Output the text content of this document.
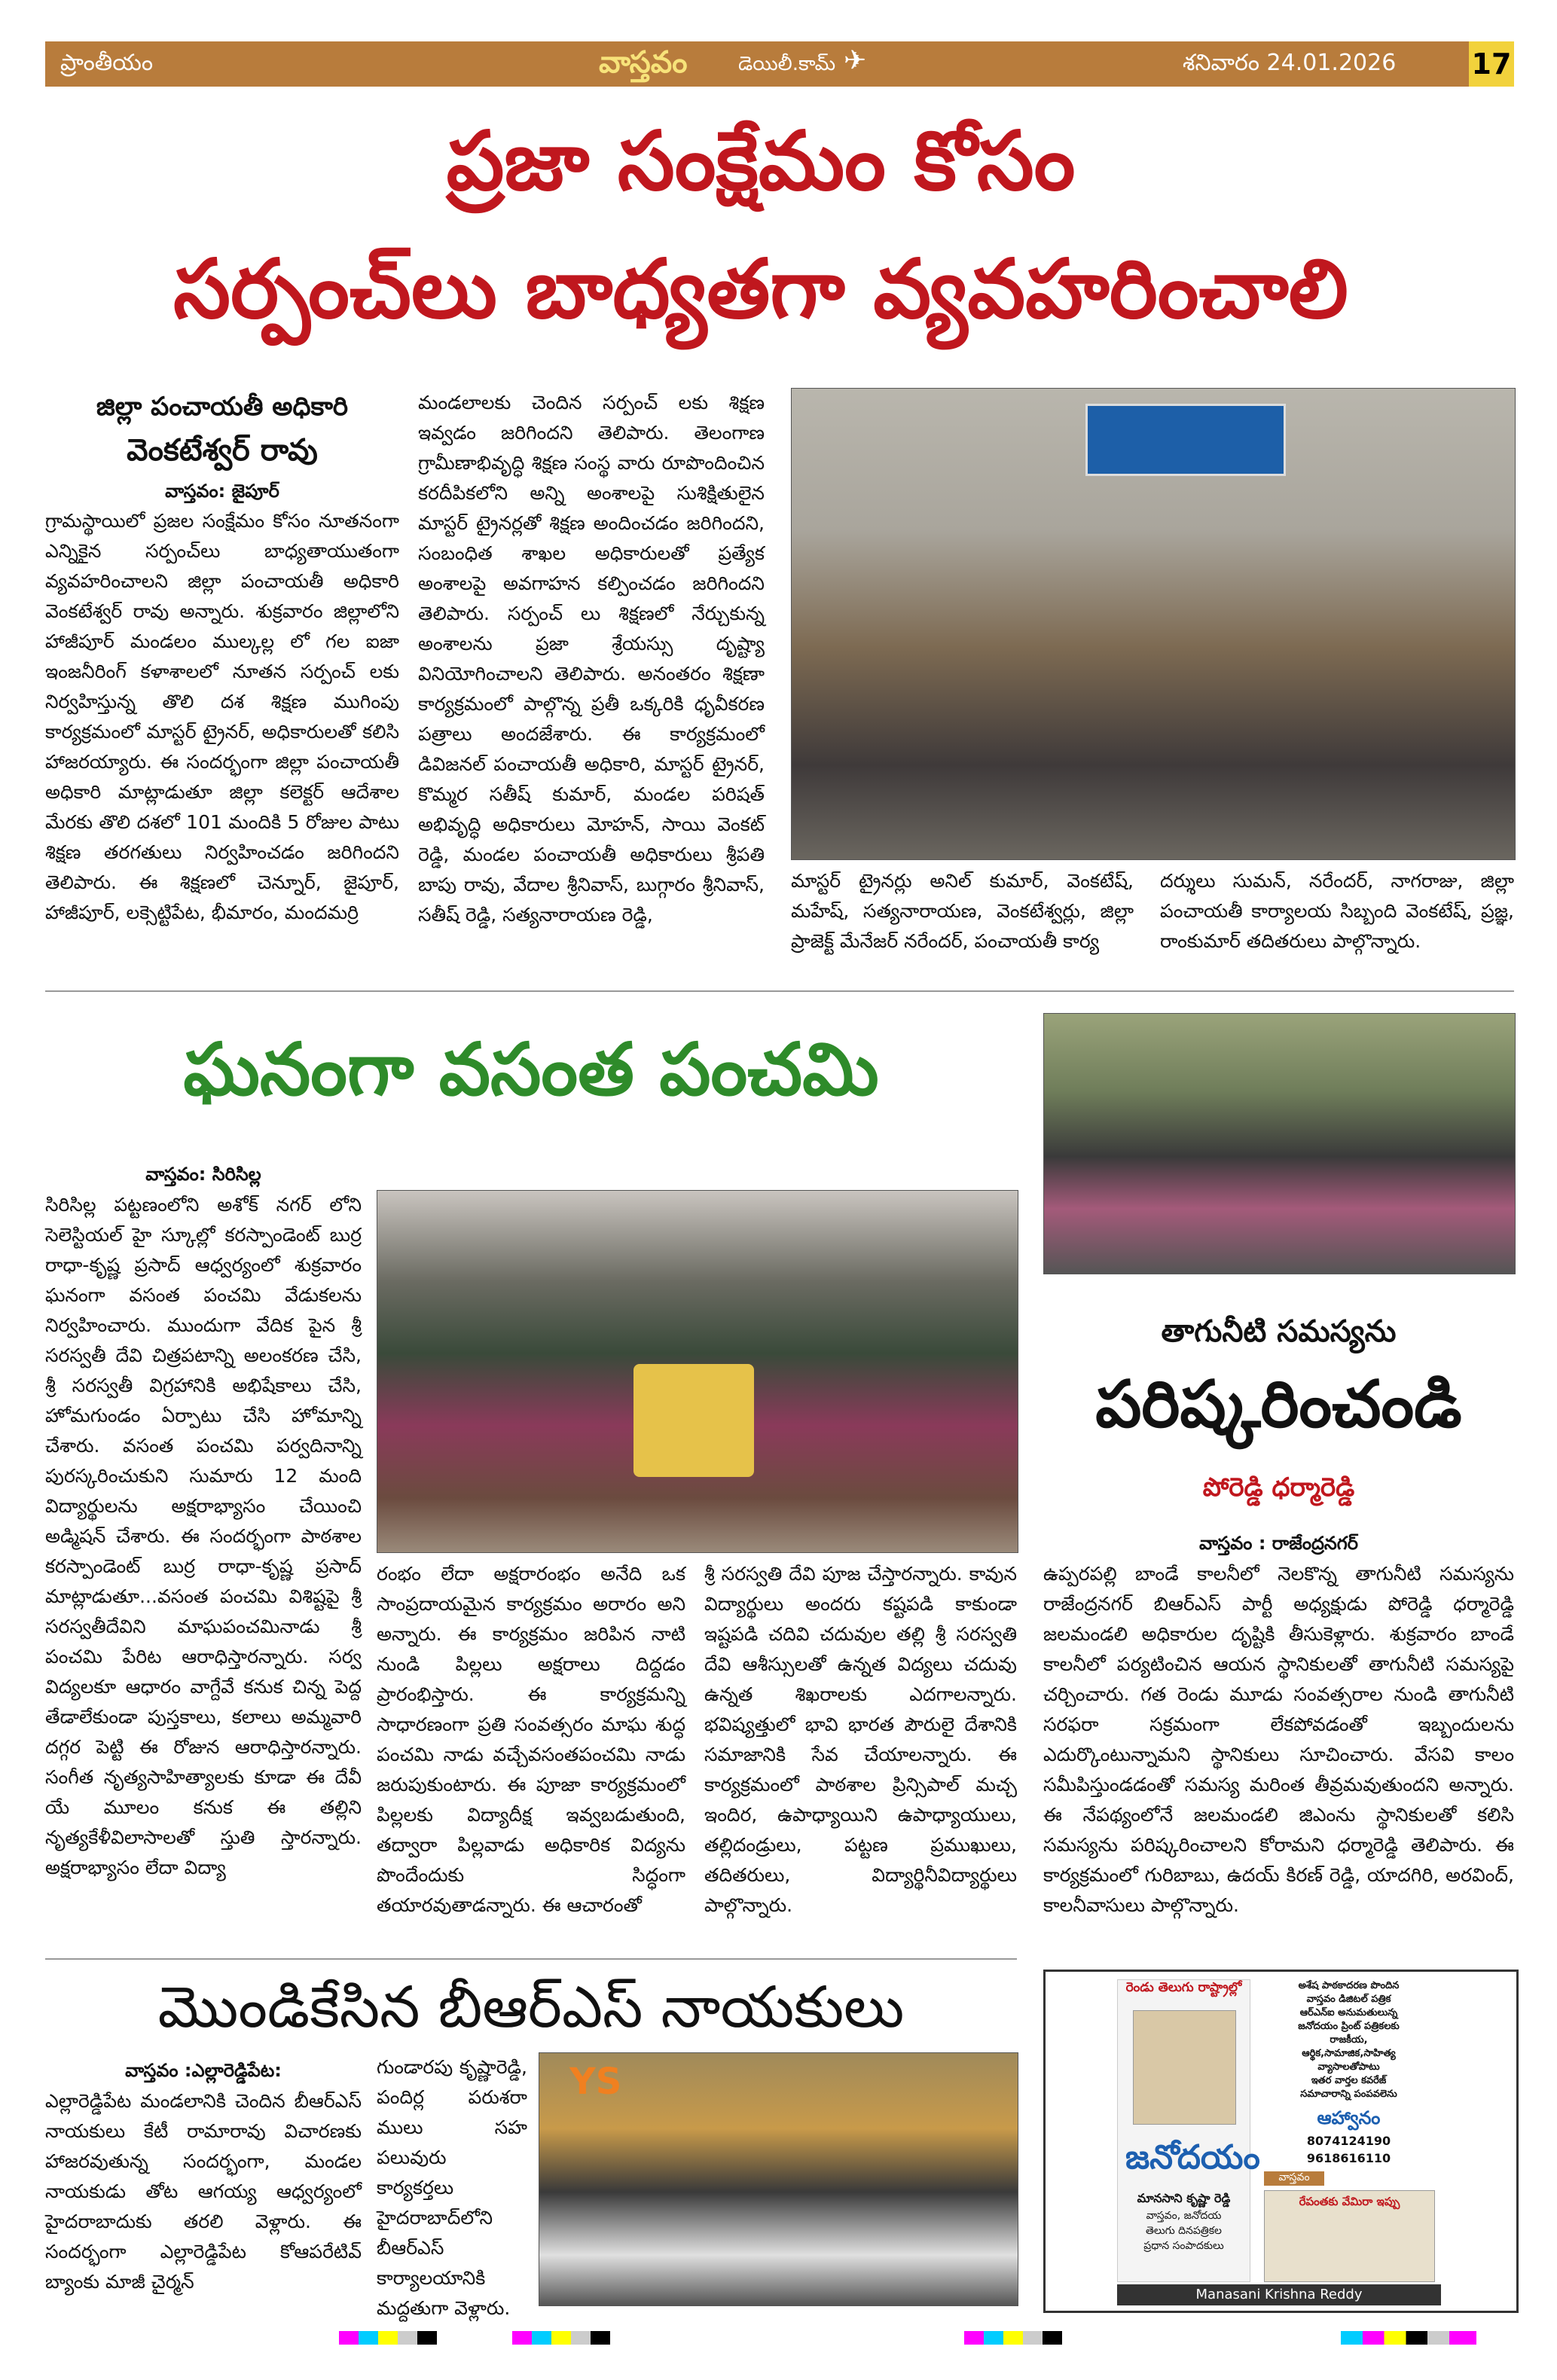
ప్రాంతీయం	వాస్తవం	డెయిలీ.కామ్ ✈	శనివారం 24.01.2026	17
ప్రజా సంక్షేమం కోసం
సర్పంచ్‌లు బాధ్యతగా వ్యవహరించాలి
జిల్లా పంచాయతీ అధికారి
వెంకటేశ్వర్ రావు
వాస్తవం: జైపూర్
గ్రామస్థాయిలో ప్రజల సంక్షేమం కోసం నూతనంగా ఎన్నికైన సర్పంచ్‌లు బాధ్యతాయుతంగా వ్యవహరించాలని జిల్లా పంచాయతీ అధికారి వెంకటేశ్వర్ రావు అన్నారు. శుక్రవారం జిల్లాలోని హాజీపూర్ మండలం ముల్కల్ల లో గల ఐజా ఇంజనీరింగ్ కళాశాలలో నూతన సర్పంచ్ లకు నిర్వహిస్తున్న తొలి దశ శిక్షణ ముగింపు కార్యక్రమంలో మాస్టర్ ట్రైనర్, అధికారులతో కలిసి హాజరయ్యారు. ఈ సందర్భంగా జిల్లా పంచాయతీ అధికారి మాట్లాడుతూ జిల్లా కలెక్టర్ ఆదేశాల మేరకు తొలి దశలో 101 మందికి 5 రోజుల పాటు శిక్షణ తరగతులు నిర్వహించడం జరిగిందని తెలిపారు. ఈ శిక్షణలో చెన్నూర్, జైపూర్, హాజీపూర్, లక్సెట్టిపేట, భీమారం, మందమర్రి
మండలాలకు చెందిన సర్పంచ్ లకు శిక్షణ ఇవ్వడం జరిగిందని తెలిపారు. తెలంగాణ గ్రామీణాభివృద్ధి శిక్షణ సంస్థ వారు రూపొందించిన కరదీపికలోని అన్ని అంశాలపై సుశిక్షితులైన మాస్టర్ ట్రైనర్లతో శిక్షణ అందించడం జరిగిందని, సంబంధిత శాఖల అధికారులతో ప్రత్యేక అంశాలపై అవగాహన కల్పించడం జరిగిందని తెలిపారు. సర్పంచ్ లు శిక్షణలో నేర్చుకున్న అంశాలను ప్రజా శ్రేయస్సు దృష్ట్యా వినియోగించాలని తెలిపారు. అనంతరం శిక్షణా కార్యక్రమంలో పాల్గొన్న ప్రతీ ఒక్కరికి ధృవీకరణ పత్రాలు అందజేశారు. ఈ కార్యక్రమంలో డివిజనల్ పంచాయతీ అధికారి, మాస్టర్ ట్రైనర్, కొమ్మర సతీష్ కుమార్, మండల పరిషత్ అభివృద్ధి అధికారులు మోహన్, సాయి వెంకట్ రెడ్డి, మండల పంచాయతీ అధికారులు శ్రీపతి బాపు రావు, వేదాల శ్రీనివాస్, బుగ్గారం శ్రీనివాస్, సతీష్ రెడ్డి, సత్యనారాయణ రెడ్డి,
మాస్టర్ ట్రైనర్లు అనిల్ కుమార్, వెంకటేష్, మహేష్, సత్యనారాయణ, వెంకటేశ్వర్లు, జిల్లా ప్రాజెక్ట్ మేనేజర్ నరేందర్, పంచాయతీ కార్య
దర్శులు సుమన్, నరేందర్, నాగరాజు, జిల్లా పంచాయతీ కార్యాలయ సిబ్బంది వెంకటేష్, ప్రజ్ఞ, రాంకుమార్ తదితరులు పాల్గొన్నారు.
ఘనంగా వసంత పంచమి
వాస్తవం: సిరిసిల్ల
సిరిసిల్ల పట్టణంలోని అశోక్ నగర్ లోని సెలెస్టియల్ హై స్కూల్లో కరస్పాండెంట్ బుర్ర రాధా-కృష్ణ ప్రసాద్ ఆధ్వర్యంలో శుక్రవారం ఘనంగా వసంత పంచమి వేడుకలను నిర్వహించారు. ముందుగా వేదిక పైన శ్రీ సరస్వతీ దేవి చిత్రపటాన్ని అలంకరణ చేసి, శ్రీ సరస్వతీ విగ్రహానికి అభిషేకాలు చేసి, హోమగుండం ఏర్పాటు చేసి హోమాన్ని చేశారు. వసంత పంచమి పర్వదినాన్ని పురస్కరించుకుని సుమారు 12 మంది విద్యార్థులను అక్షరాభ్యాసం చేయించి అడ్మిషన్ చేశారు. ఈ సందర్భంగా పాఠశాల కరస్పాండెంట్ బుర్ర రాధా-కృష్ణ ప్రసాద్ మాట్లాడుతూ...వసంత పంచమి విశిష్టపై శ్రీ సరస్వతీదేవిని మాఘపంచమినాడు శ్రీ పంచమి పేరిట ఆరాధిస్తారన్నారు. సర్వ విద్యలకూ ఆధారం వాగ్దేవే కనుక చిన్న పెద్ద తేడాలేకుండా పుస్తకాలు, కలాలు అమ్మవారి దగ్గర పెట్టి ఈ రోజున ఆరాధిస్తారన్నారు. సంగీత నృత్యసాహిత్యాలకు కూడా ఈ దేవీ యే మూలం కనుక ఈ తల్లిని నృత్యకేళీవిలాసాలతో స్తుతి స్తారన్నారు. అక్షరాభ్యాసం లేదా విద్యా
రంభం లేదా అక్షరారంభం అనేది ఒక సాంప్రదాయమైన కార్యక్రమం అరారం అని అన్నారు. ఈ కార్యక్రమం జరిపిన నాటి నుండి పిల్లలు అక్షరాలు దిద్దడం ప్రారంభిస్తారు. ఈ కార్యక్రమన్ని సాధారణంగా ప్రతి సంవత్సరం మాఘ శుద్ధ పంచమి నాడు వచ్చేవసంతపంచమి నాడు జరుపుకుంటారు. ఈ పూజా కార్యక్రమంలో పిల్లలకు విద్యాదీక్ష ఇవ్వబడుతుంది, తద్వారా పిల్లవాడు అధికారిక విద్యను పొందేందుకు సిద్ధంగా తయారవుతాడన్నారు. ఈ ఆచారంతో
శ్రీ సరస్వతి దేవి పూజ చేస్తారన్నారు. కావున విద్యార్థులు అందరు కష్టపడి కాకుండా ఇష్టపడి చదివి చదువుల తల్లి శ్రీ సరస్వతి దేవి ఆశీస్సులతో ఉన్నత విద్యలు చదువు ఉన్నత శిఖరాలకు ఎదగాలన్నారు. భవిష్యత్తులో భావి భారత పౌరులై దేశానికి సమాజానికి సేవ చేయాలన్నారు. ఈ కార్యక్రమంలో పాఠశాల ప్రిన్సిపాల్ మచ్చ ఇందిర, ఉపాధ్యాయిని ఉపాధ్యాయులు, తల్లిదండ్రులు, పట్టణ ప్రముఖులు, తదితరులు, విద్యార్థినీవిద్యార్థులు పాల్గొన్నారు.
తాగునీటి సమస్యను
పరిష్కరించండి
పోరెడ్డి ధర్మారెడ్డి
వాస్తవం : రాజేంద్రనగర్
ఉప్పరపల్లి బాండే కాలనీలో నెలకొన్న తాగునీటి సమస్యను రాజేంద్రనగర్ బిఆర్ఎస్ పార్టీ అధ్యక్షుడు పోరెడ్డి ధర్మారెడ్డి జలమండలి అధికారుల దృష్టికి తీసుకెళ్లారు. శుక్రవారం బాండే కాలనీలో పర్యటించిన ఆయన స్థానికులతో తాగునీటి సమస్యపై చర్చించారు. గత రెండు మూడు సంవత్సరాల నుండి తాగునీటి సరఫరా సక్రమంగా లేకపోవడంతో ఇబ్బందులను ఎదుర్కొంటున్నామని స్థానికులు సూచించారు. వేసవి కాలం సమీపిస్తుండడంతో సమస్య మరింత తీవ్రమవుతుందని అన్నారు. ఈ నేపథ్యంలోనే జలమండలి జిఎంను స్థానికులతో కలిసి సమస్యను పరిష్కరించాలని కోరామని ధర్మారెడ్డి తెలిపారు. ఈ కార్యక్రమంలో గురిబాబు, ఉదయ్ కిరణ్ రెడ్డి, యాదగిరి, అరవింద్, కాలనీవాసులు పాల్గొన్నారు.
మొండికేసిన బీఆర్ఎస్ నాయకులు
వాస్తవం :ఎల్లారెడ్డిపేట:
ఎల్లారెడ్డిపేట మండలానికి చెందిన బీఆర్ఎస్ నాయకులు కేటీ రామారావు విచారణకు హాజరవుతున్న సందర్భంగా, మండల నాయకుడు తోట ఆగయ్య ఆధ్వర్యంలో హైదరాబాదుకు తరలి వెళ్లారు. ఈ సందర్భంగా ఎల్లారెడ్డిపేట కోఆపరేటివ్ బ్యాంకు మాజీ చైర్మన్
గుండారపు కృష్ణారెడ్డి, పందిర్ల పరుశరా ములు సహ పలువురు కార్యకర్తలు హైదరాబాద్‌లోని బీఆర్ఎస్ కార్యాలయానికి మద్దతుగా వెళ్లారు.
YS
రెండు తెలుగు రాష్ట్రాల్లో
జనోదయం
మానసాని కృష్ణా రెడ్డి
వాస్తవం, జనోదయ
తెలుగు దినపత్రికల
ప్రధాన సంపాదకులు
అశేష పాఠకాదరణ పొందిన
వాస్తవం డిజిటల్ పత్రిక
ఆర్ఎన్ఐ అనుమతులున్న
జనోదయం ప్రింట్ పత్రికలకు
రాజకీయ,
ఆర్థిక,సామాజిక,సాహిత్య
వ్యాసాలతోపాటు
ఇతర వార్తల కవరేజ్
సమాచారాన్ని పంపవలెను
ఆహ్వానం
8074124190
9618616110
వాస్తవం
రేపంతకు వేమిరా ఇప్పు
Manasani Krishna Reddy
